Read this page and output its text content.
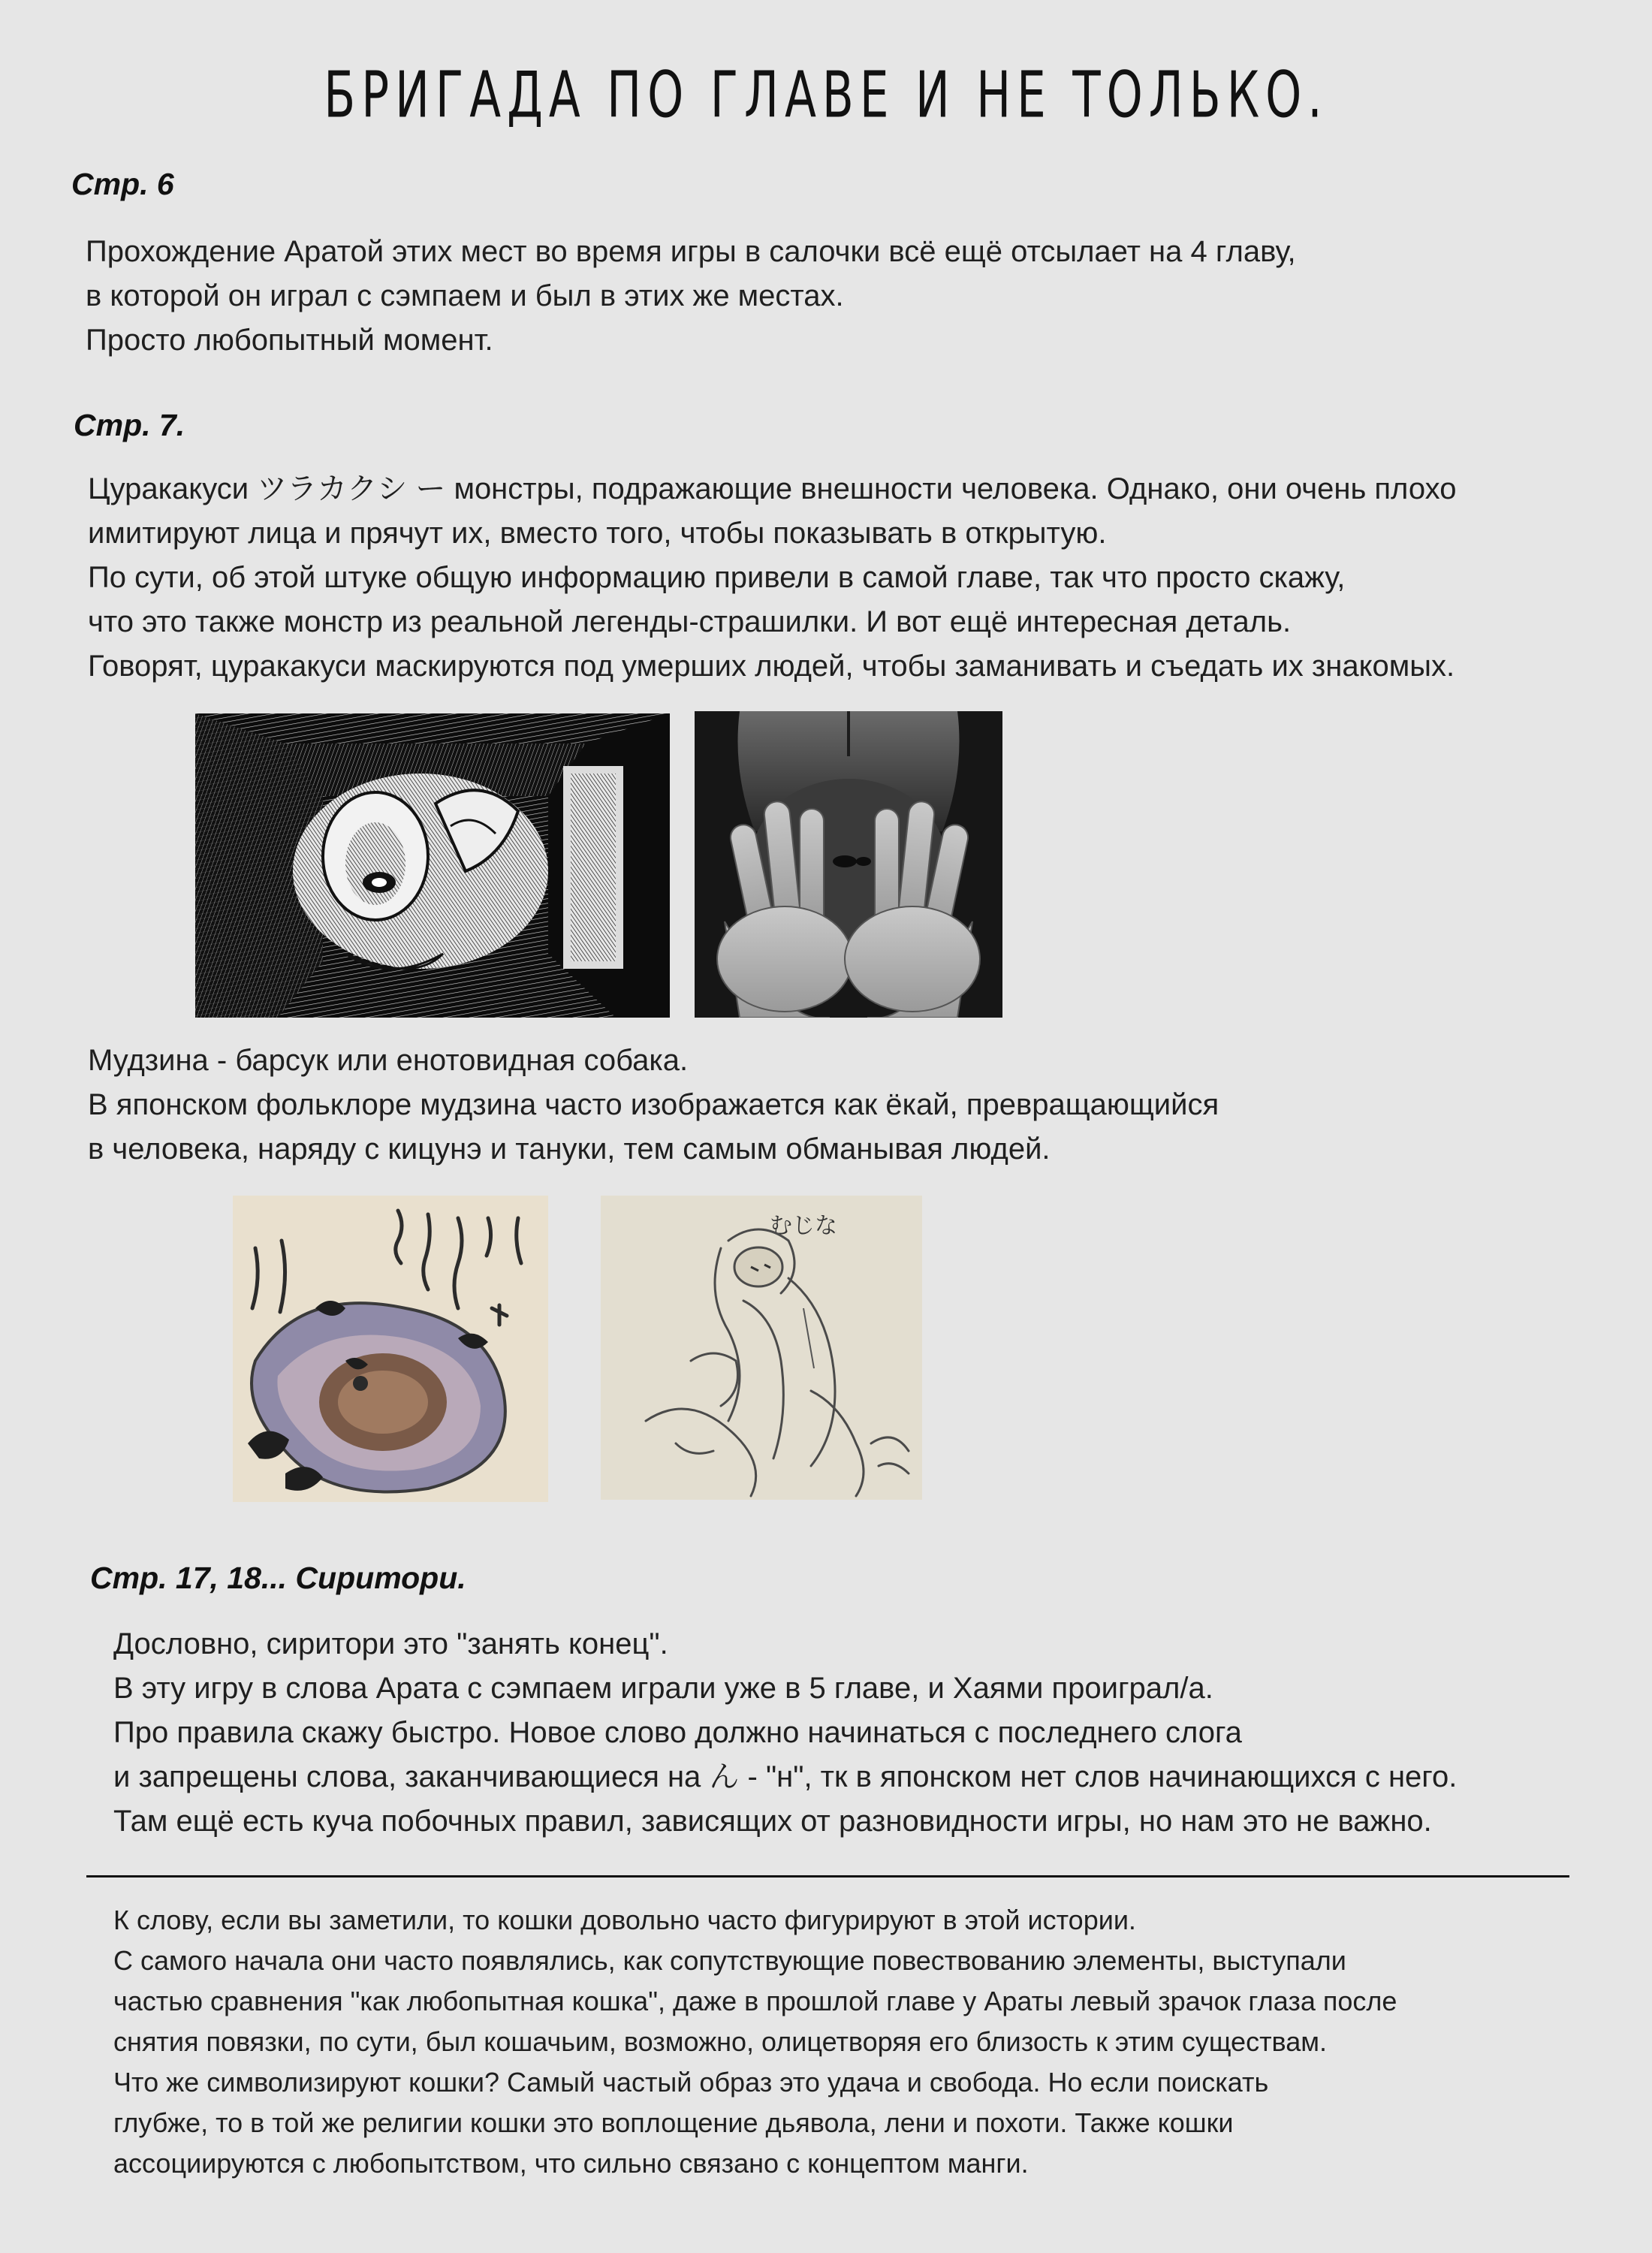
БРИГАДА ПО ГЛАВЕ И НЕ ТОЛЬКО.
Стр. 6
Прохождение Аратой этих мест во время игры в салочки всё ещё отсылает на 4 главу,
в которой он играл с сэмпаем и был в этих же местах.
Просто любопытный момент.
Стр. 7.
Цуракакуси ツラカクシ ー монстры, подражающие внешности человека. Однако, они очень плохо
имитируют лица и прячут их, вместо того, чтобы показывать в открытую.
По сути, об этой штуке общую информацию привели в самой главе, так что просто скажу,
что это также монстр из реальной легенды-страшилки. И вот ещё интересная деталь.
Говорят, цуракакуси маскируются под умерших людей, чтобы заманивать и съедать их знакомых.
Мудзина - барсук или енотовидная собака.
В японском фольклоре мудзина часто изображается как ёкай, превращающийся
в человека, наряду с кицунэ и тануки, тем самым обманывая людей.
むじな
Стр. 17, 18... Сиритори.
Дословно, сиритори это "занять конец".
В эту игру в слова Арата с сэмпаем играли уже в 5 главе, и Хаями проиграл/а.
Про правила скажу быстро. Новое слово должно начинаться с последнего слога
и запрещены слова, заканчивающиеся на ん - "н", тк в японском нет слов начинающихся с него.
Там ещё есть куча побочных правил, зависящих от разновидности игры, но нам это не важно.
К слову, если вы заметили, то кошки довольно часто фигурируют в этой истории.
С самого начала они часто появлялись, как сопутствующие повествованию элементы, выступали
частью сравнения "как любопытная кошка", даже в прошлой главе у Араты левый зрачок глаза после
снятия повязки, по сути, был кошачьим, возможно, олицетворяя его близость к этим существам.
Что же символизируют кошки? Самый частый образ это удача и свобода. Но если поискать
глубже, то в той же религии кошки это воплощение дьявола, лени и похоти. Также кошки
ассоциируются с любопытством, что сильно связано с концептом манги.
